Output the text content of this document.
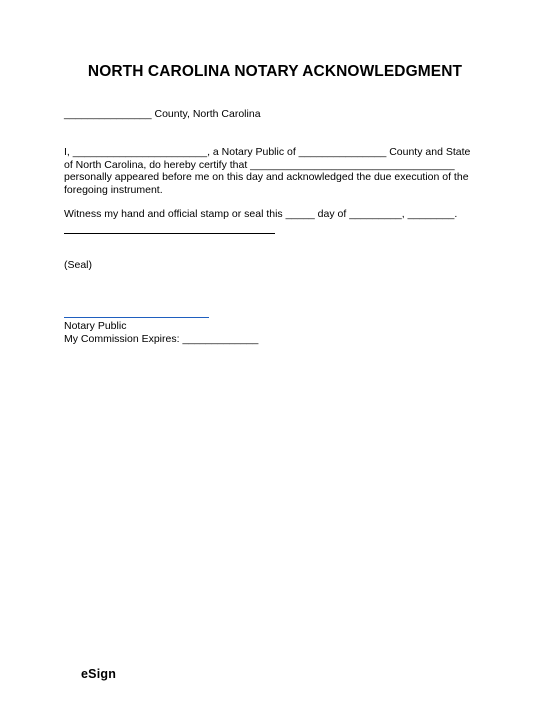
NORTH CAROLINA NOTARY ACKNOWLEDGMENT
_______________ County, North Carolina
I, _______________________, a Notary Public of _______________ County and State
of North Carolina, do hereby certify that ___________________________________
personally appeared before me on this day and acknowledged the due execution of the
foregoing instrument.
Witness my hand and official stamp or seal this _____ day of _________, ________.
(Seal)
Notary Public
My Commission Expires: _____________
eSign
